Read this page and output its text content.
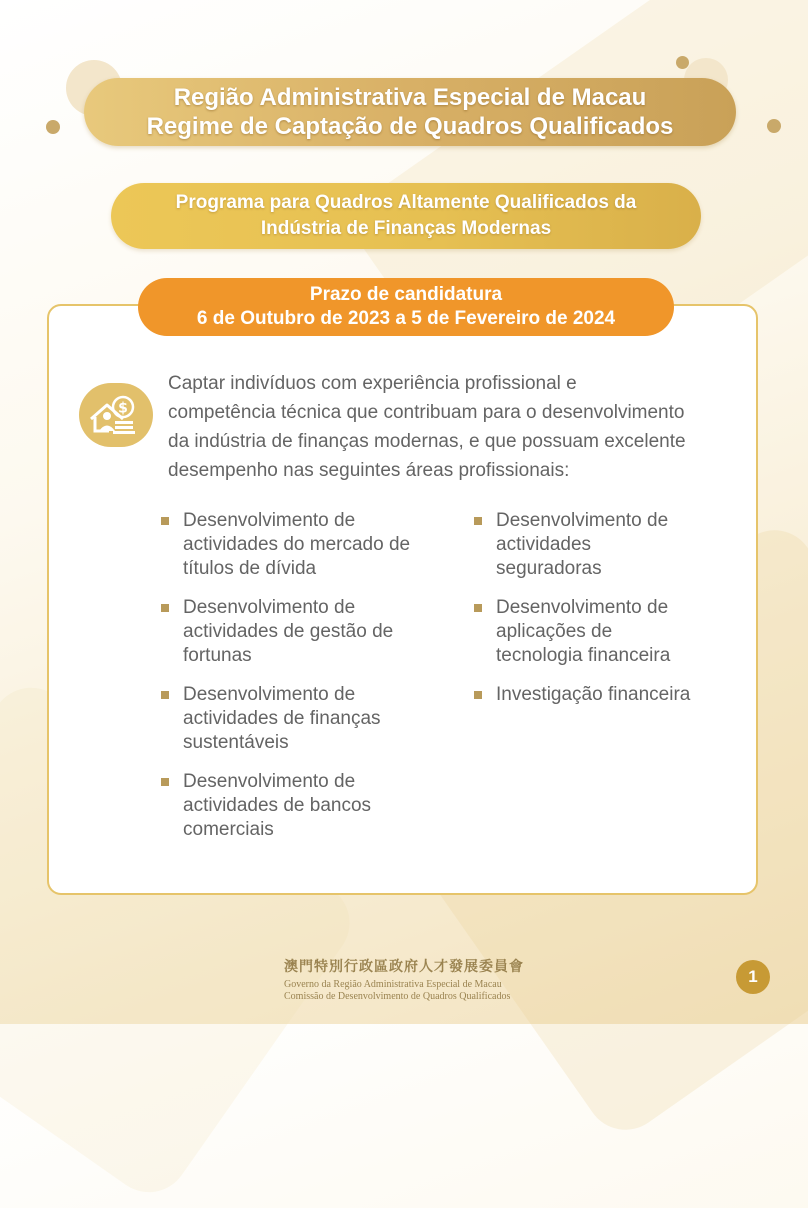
Região Administrativa Especial de Macau
Regime de Captação de Quadros Qualificados
Programa para Quadros Altamente Qualificados da
Indústria de Finanças Modernas
Prazo de candidatura
6 de Outubro de 2023 a 5 de Fevereiro de 2024
$

Captar indivíduos com experiência profissional e
competência técnica que contribuam para o desenvolvimento
da indústria de finanças modernas, e que possuam excelente
desempenho nas seguintes áreas profissionais:

Desenvolvimento de
actividades do mercado de
títulos de dívida
Desenvolvimento de
actividades de gestão de
fortunas
Desenvolvimento de
actividades de finanças
sustentáveis
Desenvolvimento de
actividades de bancos
comerciais
Desenvolvimento de
actividades
seguradoras
Desenvolvimento de
aplicações de
tecnologia financeira
Investigação financeira
澳門特別行政區政府人才發展委員會
Governo da Região Administrativa Especial de Macau
Comissão de Desenvolvimento de Quadros Qualificados
1
